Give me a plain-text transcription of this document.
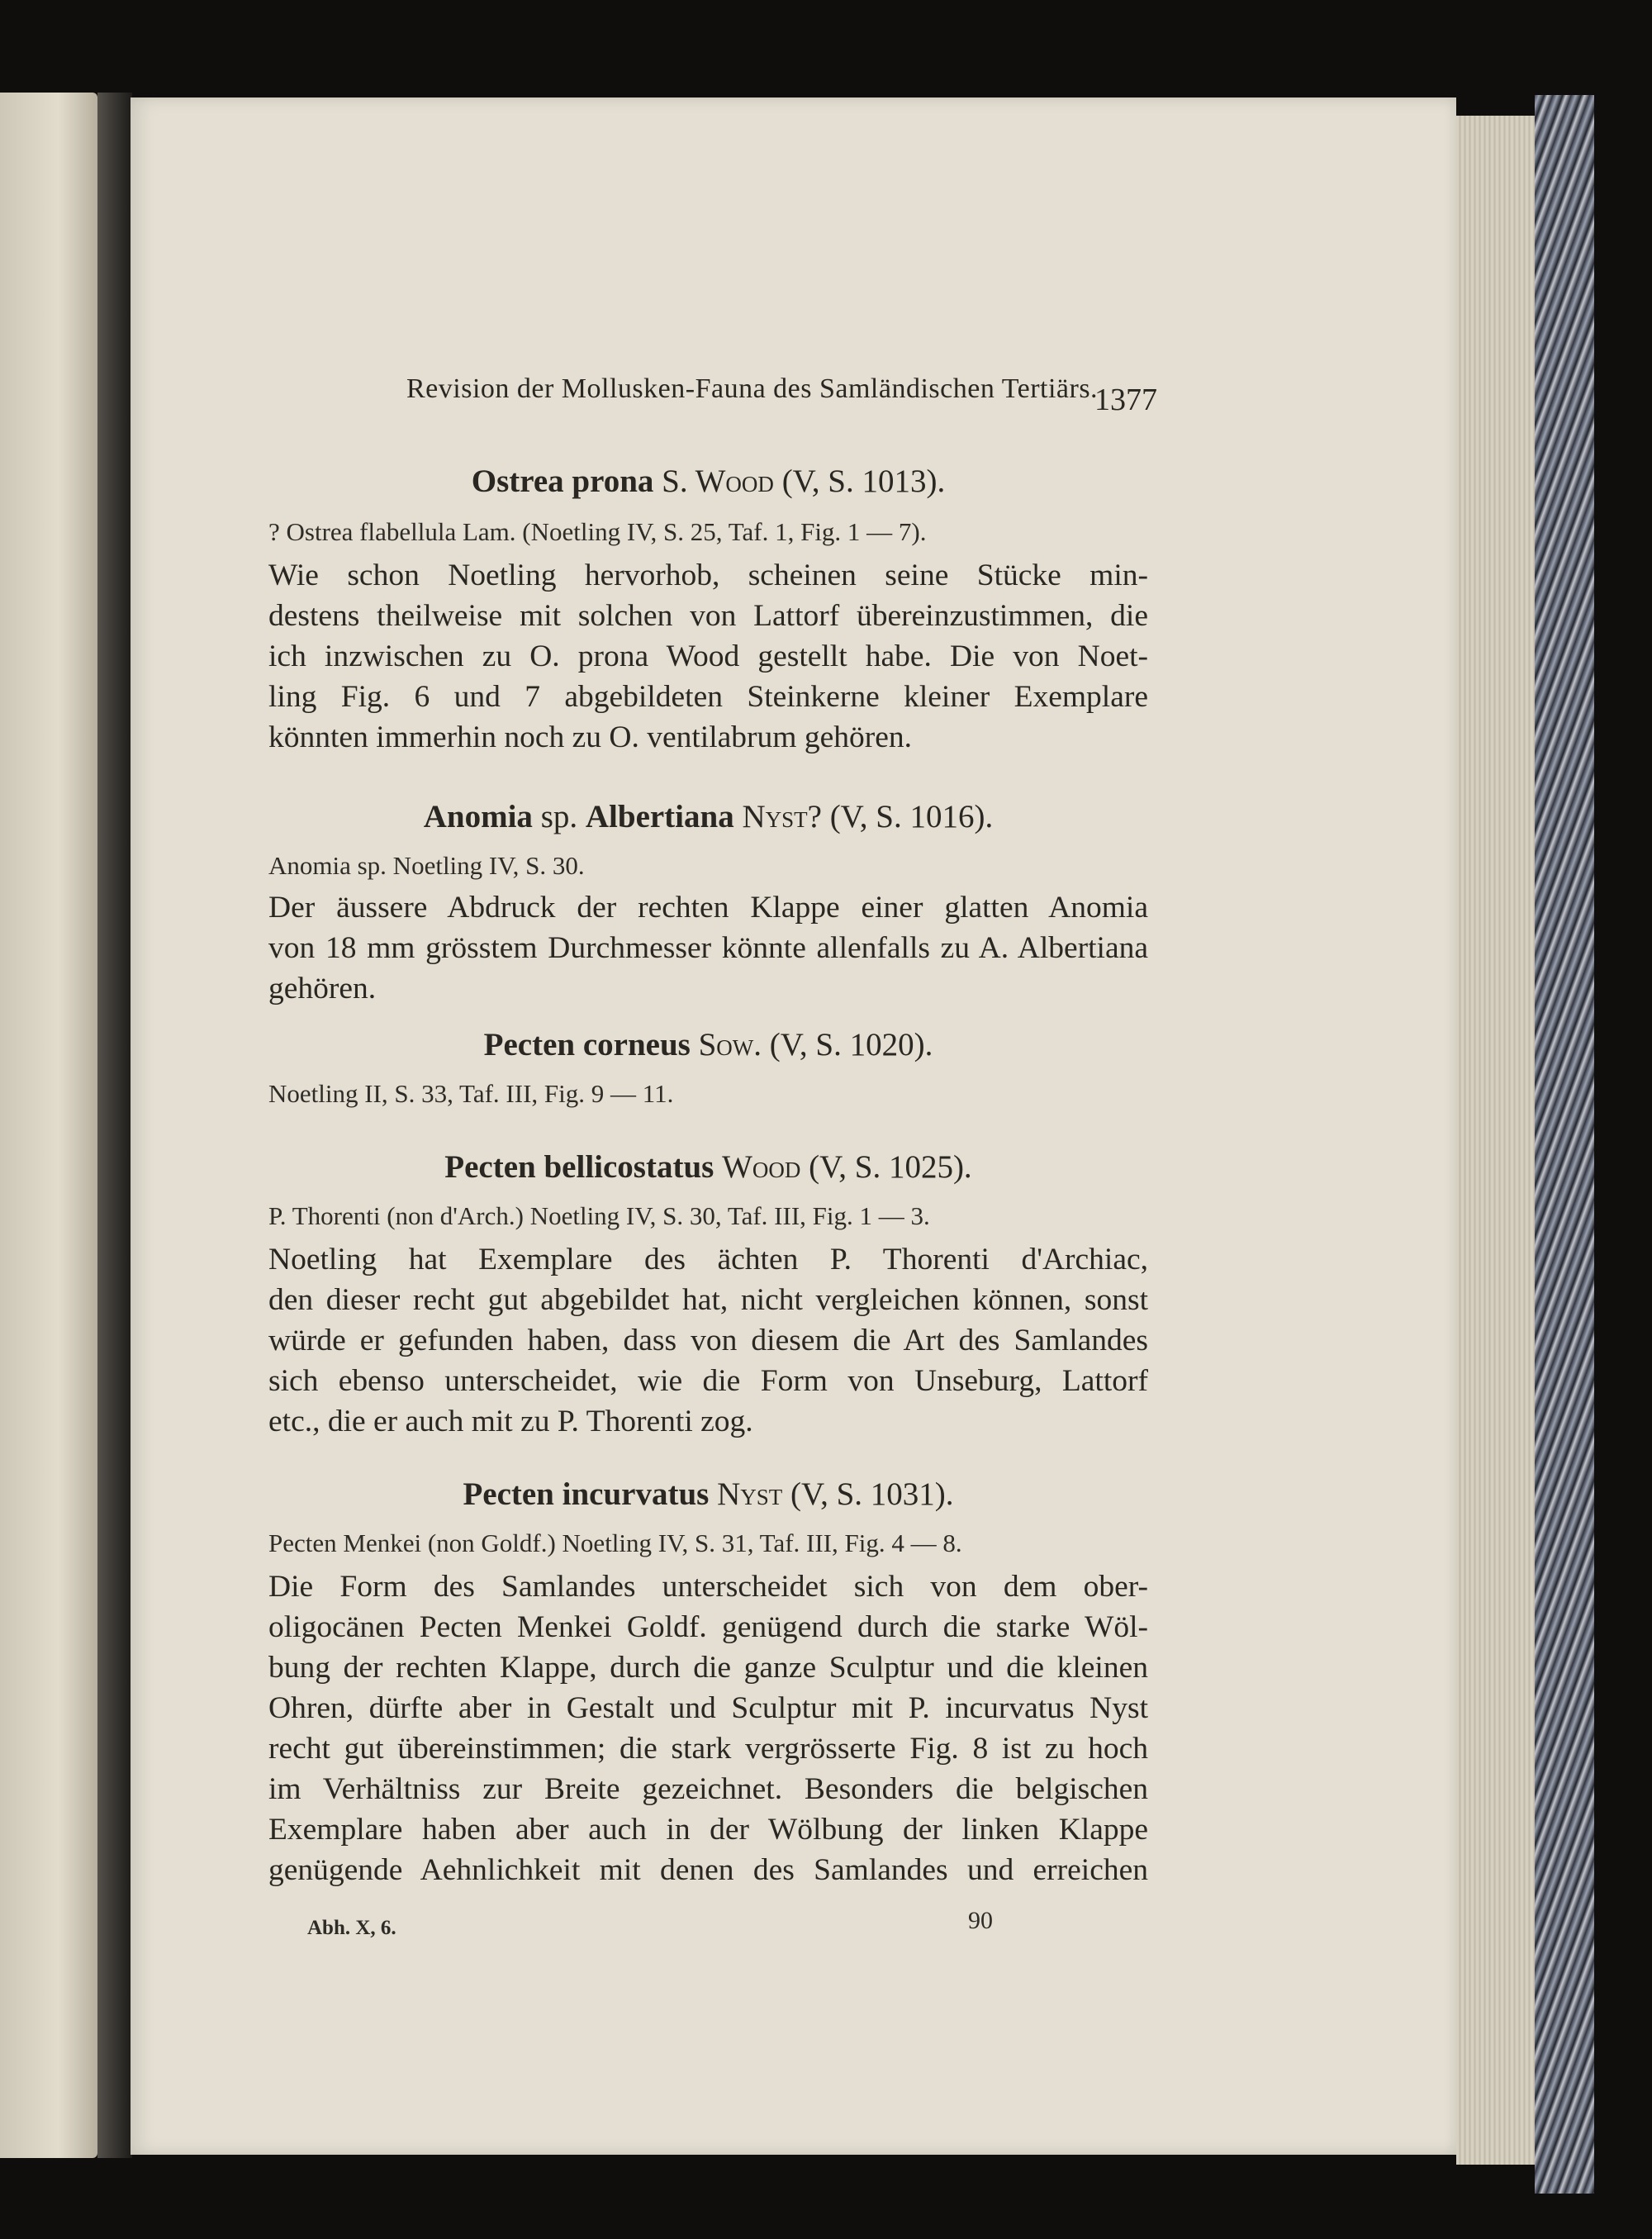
Revision der Mollusken-Fauna des Samländischen Tertiärs.
1377
Ostrea prona S. Wood (V, S. 1013).
? Ostrea flabellula Lam. (Noetling IV, S. 25, Taf. 1, Fig. 1 — 7).
Wie schon Noetling hervorhob, scheinen seine Stücke min-
destens theilweise mit solchen von Lattorf übereinzustimmen, die
ich inzwischen zu O. prona Wood gestellt habe. Die von Noet-
ling Fig. 6 und 7 abgebildeten Steinkerne kleiner Exemplare
könnten immerhin noch zu O. ventilabrum gehören.
Anomia sp. Albertiana Nyst? (V, S. 1016).
Anomia sp. Noetling IV, S. 30.
Der äussere Abdruck der rechten Klappe einer glatten Anomia
von 18 mm grösstem Durchmesser könnte allenfalls zu A. Albertiana
gehören.
Pecten corneus Sow. (V, S. 1020).
Noetling II, S. 33, Taf. III, Fig. 9 — 11.
Pecten bellicostatus Wood (V, S. 1025).
P. Thorenti (non d'Arch.) Noetling IV, S. 30, Taf. III, Fig. 1 — 3.
Noetling hat Exemplare des ächten P. Thorenti d'Archiac,
den dieser recht gut abgebildet hat, nicht vergleichen können, sonst
würde er gefunden haben, dass von diesem die Art des Samlandes
sich ebenso unterscheidet, wie die Form von Unseburg, Lattorf
etc., die er auch mit zu P. Thorenti zog.
Pecten incurvatus Nyst (V, S. 1031).
Pecten Menkei (non Goldf.) Noetling IV, S. 31, Taf. III, Fig. 4 — 8.
Die Form des Samlandes unterscheidet sich von dem ober-
oligocänen Pecten Menkei Goldf. genügend durch die starke Wöl-
bung der rechten Klappe, durch die ganze Sculptur und die kleinen
Ohren, dürfte aber in Gestalt und Sculptur mit P. incurvatus Nyst
recht gut übereinstimmen; die stark vergrösserte Fig. 8 ist zu hoch
im Verhältniss zur Breite gezeichnet. Besonders die belgischen
Exemplare haben aber auch in der Wölbung der linken Klappe
genügende Aehnlichkeit mit denen des Samlandes und erreichen
Abh. X, 6.	90
